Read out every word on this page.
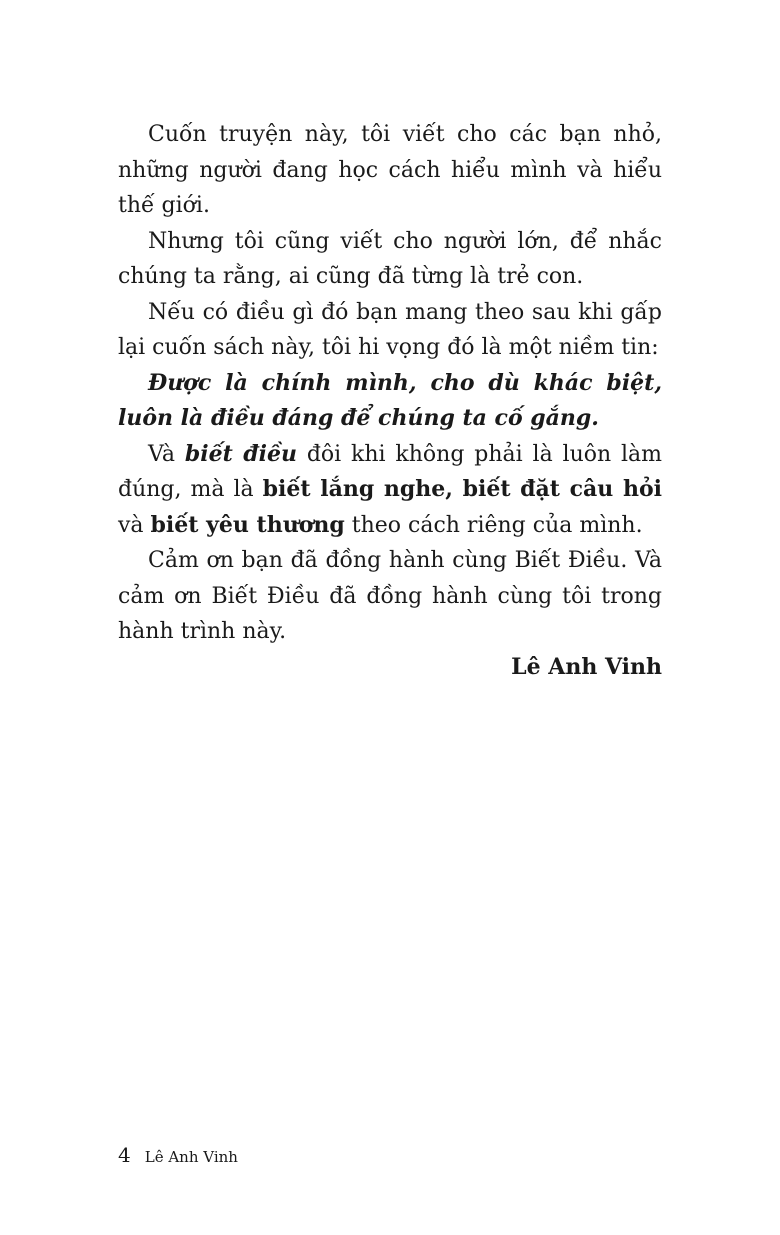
Cuốn truyện này, tôi viết cho các bạn nhỏ, những người đang học cách hiểu mình và hiểu thế giới.

Nhưng tôi cũng viết cho người lớn, để nhắc chúng ta rằng, ai cũng đã từng là trẻ con.

Nếu có điều gì đó bạn mang theo sau khi gấp lại cuốn sách này, tôi hi vọng đó là một niềm tin:

Được là chính mình, cho dù khác biệt, luôn là điều đáng để chúng ta cố gắng.

Và biết điều đôi khi không phải là luôn làm đúng, mà là biết lắng nghe, biết đặt câu hỏi và biết yêu thương theo cách riêng của mình.

Cảm ơn bạn đã đồng hành cùng Biết Điều. Và cảm ơn Biết Điều đã đồng hành cùng tôi trong hành trình này.

Lê Anh Vinh
4 Lê Anh Vinh
